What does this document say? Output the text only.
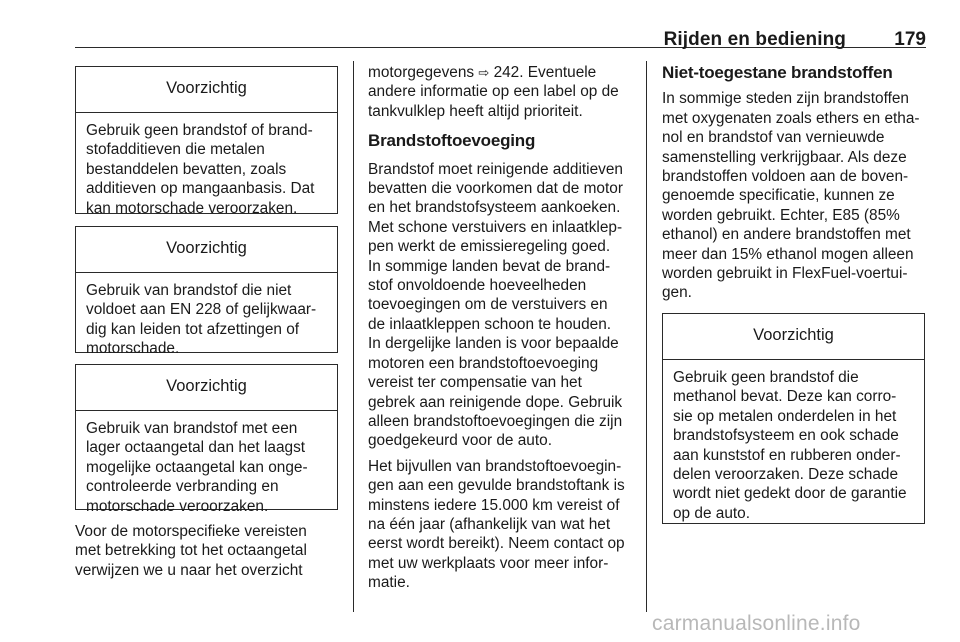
Rijden en bediening	179
Voorzichtig
Gebruik geen brandstof of brand-
stofadditieven die metalen
bestanddelen bevatten, zoals
additieven op mangaanbasis. Dat
kan motorschade veroorzaken.
Voorzichtig
Gebruik van brandstof die niet
voldoet aan EN 228 of gelijkwaar-
dig kan leiden tot afzettingen of
motorschade.
Voorzichtig
Gebruik van brandstof met een
lager octaangetal dan het laagst
mogelijke octaangetal kan onge-
controleerde verbranding en
motorschade veroorzaken.
Voor de motorspecifieke vereisten
met betrekking tot het octaangetal
verwijzen we u naar het overzicht
motorgegevens ⇨ 242. Eventuele
andere informatie op een label op de
tankvulklep heeft altijd prioriteit.
Brandstoftoevoeging
Brandstof moet reinigende additieven
bevatten die voorkomen dat de motor
en het brandstofsysteem aankoeken.
Met schone verstuivers en inlaatklep-
pen werkt de emissieregeling goed.
In sommige landen bevat de brand-
stof onvoldoende hoeveelheden
toevoegingen om de verstuivers en
de inlaatkleppen schoon te houden.
In dergelijke landen is voor bepaalde
motoren een brandstoftoevoeging
vereist ter compensatie van het
gebrek aan reinigende dope. Gebruik
alleen brandstoftoevoegingen die zijn
goedgekeurd voor de auto.
Het bijvullen van brandstoftoevoegin-
gen aan een gevulde brandstoftank is
minstens iedere 15.000 km vereist of
na één jaar (afhankelijk van wat het
eerst wordt bereikt). Neem contact op
met uw werkplaats voor meer infor-
matie.
Niet-toegestane brandstoffen
In sommige steden zijn brandstoffen
met oxygenaten zoals ethers en etha-
nol en brandstof van vernieuwde
samenstelling verkrijgbaar. Als deze
brandstoffen voldoen aan de boven-
genoemde specificatie, kunnen ze
worden gebruikt. Echter, E85 (85%
ethanol) en andere brandstoffen met
meer dan 15% ethanol mogen alleen
worden gebruikt in FlexFuel-voertui-
gen.
Voorzichtig
Gebruik geen brandstof die
methanol bevat. Deze kan corro-
sie op metalen onderdelen in het
brandstofsysteem en ook schade
aan kunststof en rubberen onder-
delen veroorzaken. Deze schade
wordt niet gedekt door de garantie
op de auto.
carmanualsonline.info
